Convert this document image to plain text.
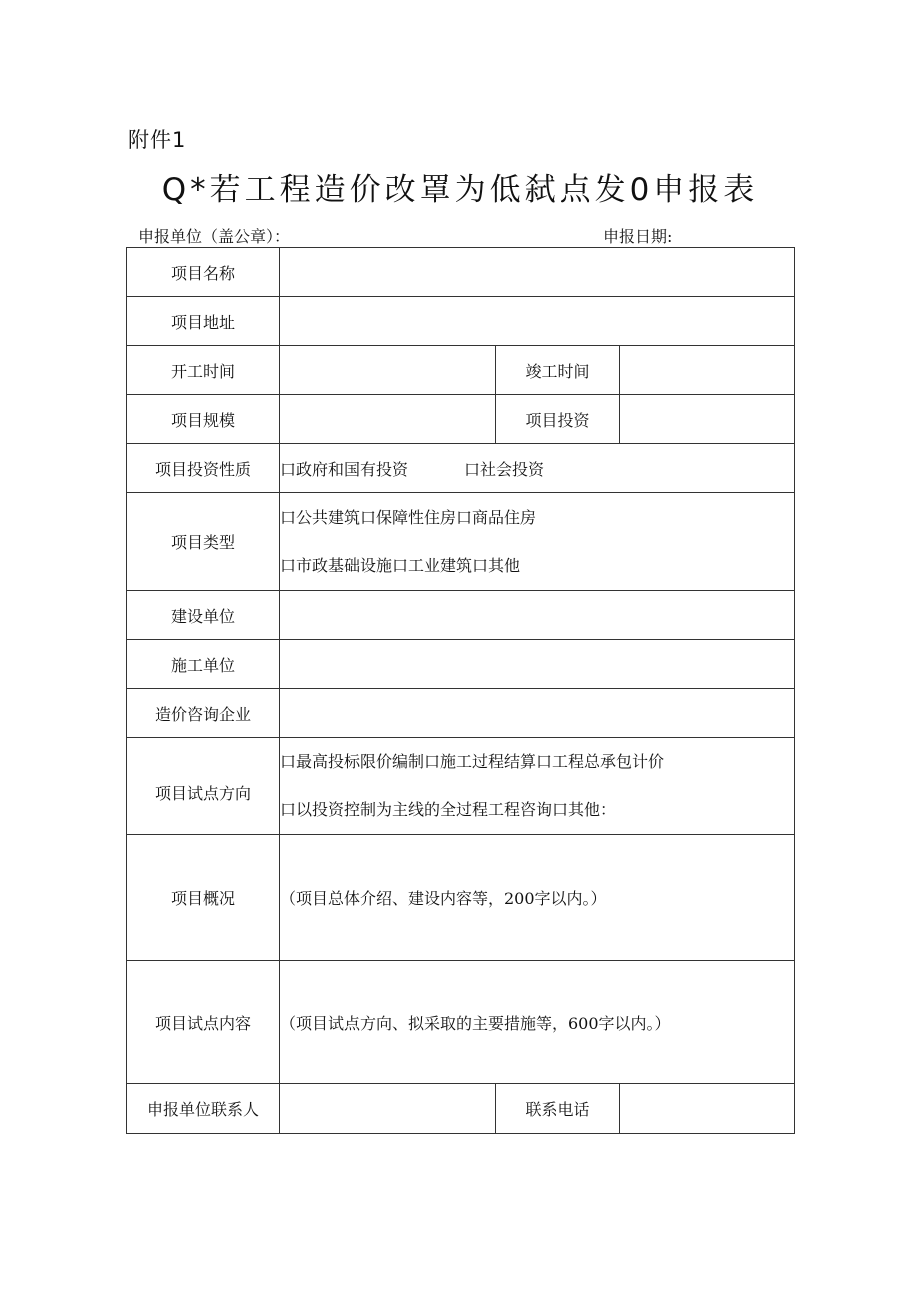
附件1
Q*若工程造价改罩为低弑点发0申报表
申报单位（盖公章）：	申报日期:
项目名称			
项目地址			
开工时间		竣工时间	
项目规模		项目投资	
项目投资性质	口政府和国有投资 口社会投资		
项目类型	口公共建筑口保障性住房口商品住房
口市政基础设施口工业建筑口其他		

建设单位			
施工单位			
造价咨询企业			
项目试点方向	口最高投标限价编制口施工过程结算口工程总承包计价
口以投资控制为主线的全过程工程咨询口其他：		

项目概况	（项目总体介绍、建设内容等，200字以内。）		
项目试点内容	（项目试点方向、拟采取的主要措施等，600字以内。）		
申报单位联系人		联系电话	
